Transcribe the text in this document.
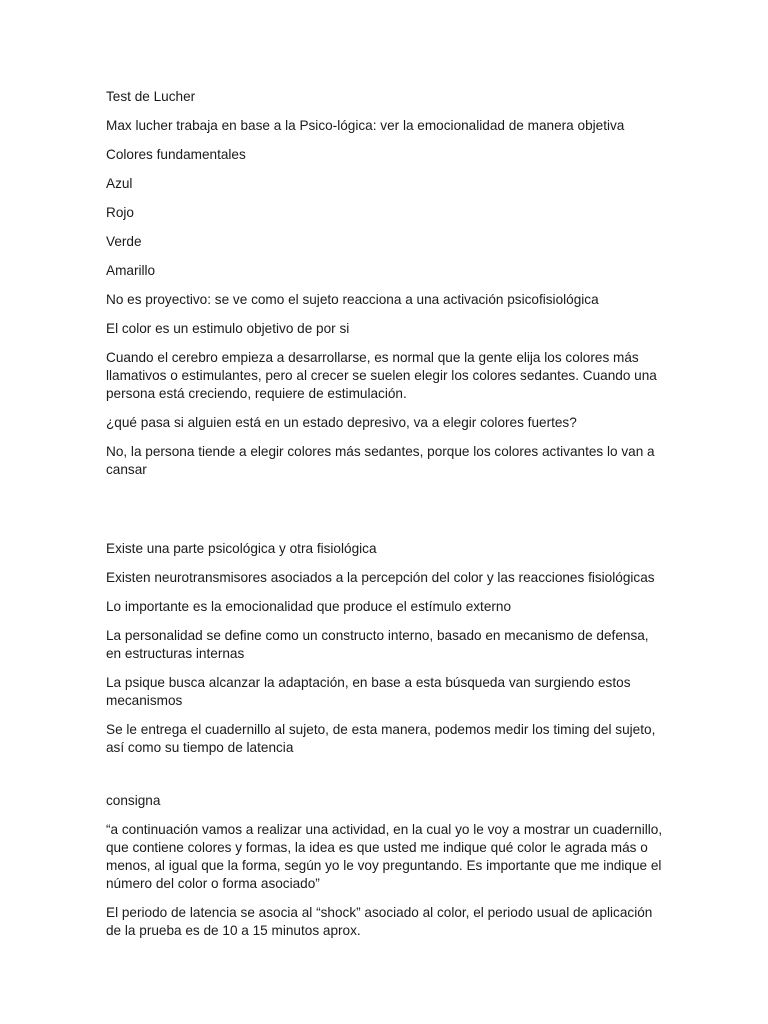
Test de Lucher

Max lucher trabaja en base a la Psico-lógica: ver la emocionalidad de manera objetiva

Colores fundamentales

Azul

Rojo

Verde

Amarillo

No es proyectivo: se ve como el sujeto reacciona a una activación psicofisiológica

El color es un estimulo objetivo de por si

Cuando el cerebro empieza a desarrollarse, es normal que la gente elija los colores más llamativos o estimulantes, pero al crecer se suelen elegir los colores sedantes. Cuando una persona está creciendo, requiere de estimulación.

¿qué pasa si alguien está en un estado depresivo, va a elegir colores fuertes?

No, la persona tiende a elegir colores más sedantes, porque los colores activantes lo van a cansar

Existe una parte psicológica y otra fisiológica

Existen neurotransmisores asociados a la percepción del color y las reacciones fisiológicas

Lo importante es la emocionalidad que produce el estímulo externo

La personalidad se define como un constructo interno, basado en mecanismo de defensa, en estructuras internas

La psique busca alcanzar la adaptación, en base a esta búsqueda van surgiendo estos mecanismos

Se le entrega el cuadernillo al sujeto, de esta manera, podemos medir los timing del sujeto, así como su tiempo de latencia

consigna

“a continuación vamos a realizar una actividad, en la cual yo le voy a mostrar un cuadernillo, que contiene colores y formas, la idea es que usted me indique qué color le agrada más o menos, al igual que la forma, según yo le voy preguntando. Es importante que me indique el número del color o forma asociado”

El periodo de latencia se asocia al “shock” asociado al color, el periodo usual de aplicación de la prueba es de 10 a 15 minutos aprox.
